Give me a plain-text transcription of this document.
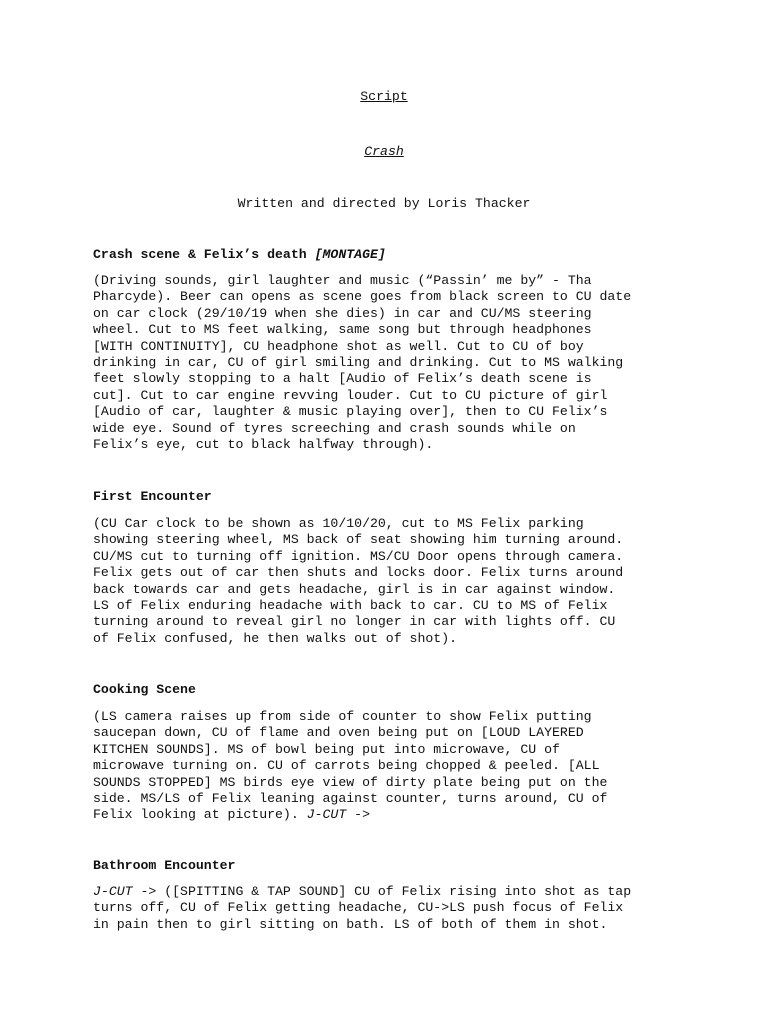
Script
Crash
Written and directed by Loris Thacker
Crash scene & Felix’s death [MONTAGE]
(Driving sounds, girl laughter and music (“Passin’ me by” - Tha
Pharcyde). Beer can opens as scene goes from black screen to CU date
on car clock (29/10/19 when she dies) in car and CU/MS steering
wheel. Cut to MS feet walking, same song but through headphones
[WITH CONTINUITY], CU headphone shot as well. Cut to CU of boy
drinking in car, CU of girl smiling and drinking. Cut to MS walking
feet slowly stopping to a halt [Audio of Felix’s death scene is
cut]. Cut to car engine revving louder. Cut to CU picture of girl
[Audio of car, laughter & music playing over], then to CU Felix’s
wide eye. Sound of tyres screeching and crash sounds while on
Felix’s eye, cut to black halfway through).
First Encounter
(CU Car clock to be shown as 10/10/20, cut to MS Felix parking
showing steering wheel, MS back of seat showing him turning around.
CU/MS cut to turning off ignition. MS/CU Door opens through camera.
Felix gets out of car then shuts and locks door. Felix turns around
back towards car and gets headache, girl is in car against window.
LS of Felix enduring headache with back to car. CU to MS of Felix
turning around to reveal girl no longer in car with lights off. CU
of Felix confused, he then walks out of shot).
Cooking Scene
(LS camera raises up from side of counter to show Felix putting
saucepan down, CU of flame and oven being put on [LOUD LAYERED
KITCHEN SOUNDS]. MS of bowl being put into microwave, CU of
microwave turning on. CU of carrots being chopped & peeled. [ALL
SOUNDS STOPPED] MS birds eye view of dirty plate being put on the
side. MS/LS of Felix leaning against counter, turns around, CU of
Felix looking at picture). J-CUT ->
Bathroom Encounter
J-CUT -> ([SPITTING & TAP SOUND] CU of Felix rising into shot as tap
turns off, CU of Felix getting headache, CU->LS push focus of Felix
in pain then to girl sitting on bath. LS of both of them in shot.
